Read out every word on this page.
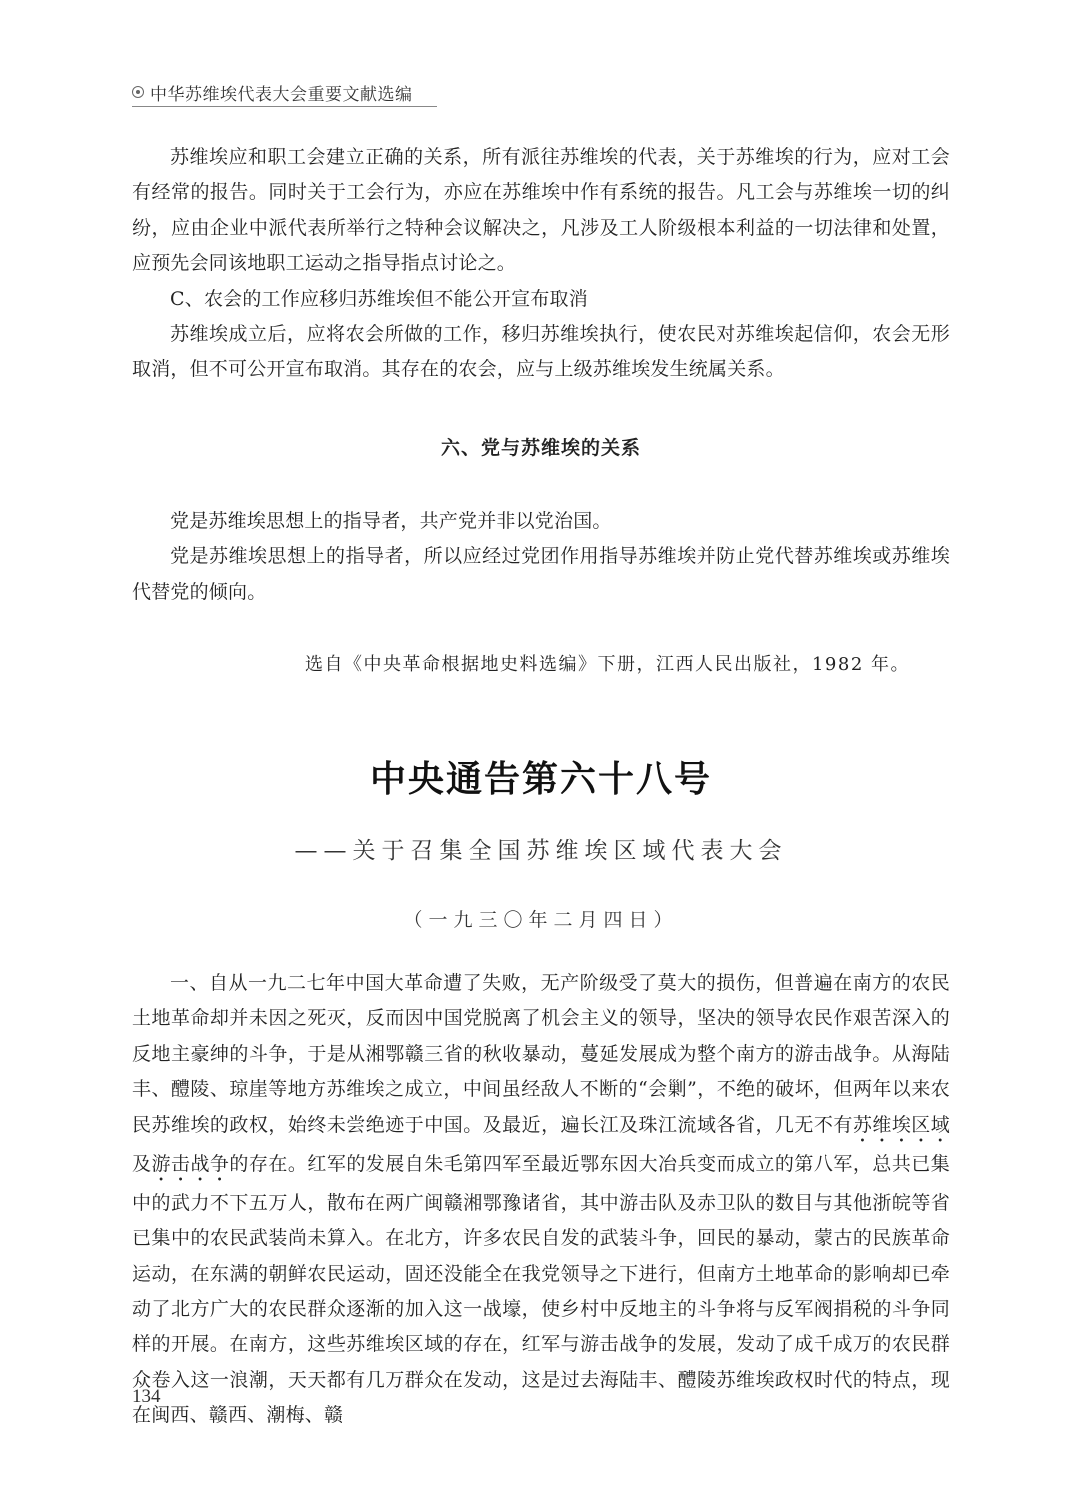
中华苏维埃代表大会重要文献选编

苏维埃应和职工会建立正确的关系，所有派往苏维埃的代表，关于苏维埃的行为，应对工会有经常的报告。同时关于工会行为，亦应在苏维埃中作有系统的报告。凡工会与苏维埃一切的纠纷，应由企业中派代表所举行之特种会议解决之，凡涉及工人阶级根本利益的一切法律和处置，应预先会同该地职工运动之指导指点讨论之。

C、农会的工作应移归苏维埃但不能公开宣布取消

苏维埃成立后，应将农会所做的工作，移归苏维埃执行，使农民对苏维埃起信仰，农会无形取消，但不可公开宣布取消。其存在的农会，应与上级苏维埃发生统属关系。

六、党与苏维埃的关系

党是苏维埃思想上的指导者，共产党并非以党治国。

党是苏维埃思想上的指导者，所以应经过党团作用指导苏维埃并防止党代替苏维埃或苏维埃代替党的倾向。

选自《中央革命根据地史料选编》下册，江西人民出版社，1982 年。
中央通告第六十八号
——关于召集全国苏维埃区域代表大会
（一九三〇年二月四日）

一、自从一九二七年中国大革命遭了失败，无产阶级受了莫大的损伤，但普遍在南方的农民土地革命却并未因之死灭，反而因中国党脱离了机会主义的领导，坚决的领导农民作艰苦深入的反地主豪绅的斗争，于是从湘鄂赣三省的秋收暴动，蔓延发展成为整个南方的游击战争。从海陆丰、醴陵、琼崖等地方苏维埃之成立，中间虽经敌人不断的“会剿”，不绝的破坏，但两年以来农民苏维埃的政权，始终未尝绝迹于中国。及最近，遍长江及珠江流域各省，几无不有苏维埃区域及游击战争的存在。红军的发展自朱毛第四军至最近鄂东因大冶兵变而成立的第八军，总共已集中的武力不下五万人，散布在两广闽赣湘鄂豫诸省，其中游击队及赤卫队的数目与其他浙皖等省已集中的农民武装尚未算入。在北方，许多农民自发的武装斗争，回民的暴动，蒙古的民族革命运动，在东满的朝鲜农民运动，固还没能全在我党领导之下进行，但南方土地革命的影响却已牵动了北方广大的农民群众逐渐的加入这一战壕，使乡村中反地主的斗争将与反军阀捐税的斗争同样的开展。在南方，这些苏维埃区域的存在，红军与游击战争的发展，发动了成千成万的农民群众卷入这一浪潮，天天都有几万群众在发动，这是过去海陆丰、醴陵苏维埃政权时代的特点，现在闽西、赣西、潮梅、赣

134
